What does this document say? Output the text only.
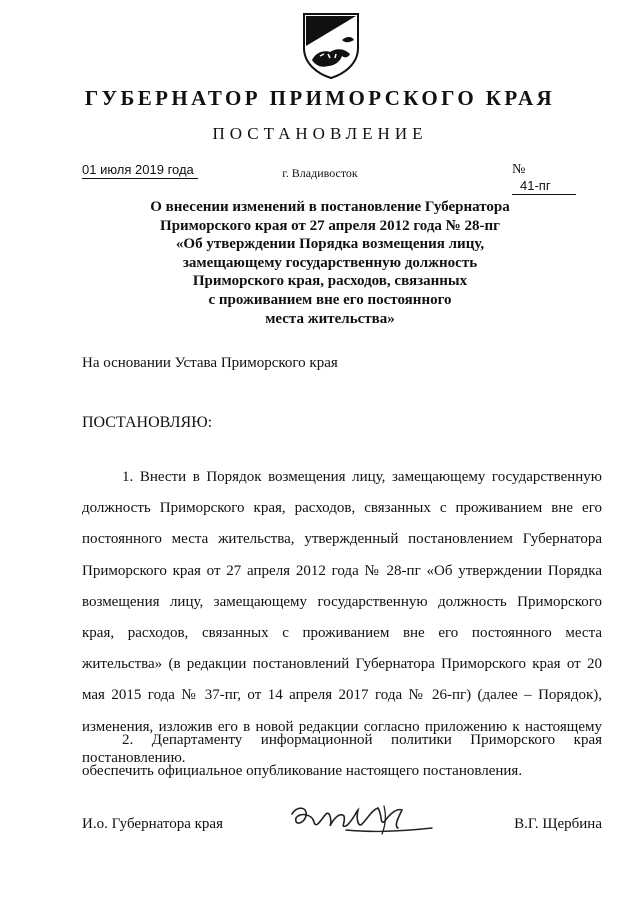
ГУБЕРНАТОР ПРИМОРСКОГО КРАЯ
ПОСТАНОВЛЕНИЕ
01 июля 2019 года	г. Владивосток	№ 41-пг
О внесении изменений в постановление Губернатора
Приморского края от 27 апреля 2012 года № 28-пг
«Об утверждении Порядка возмещения лицу,
замещающему государственную должность
Приморского края, расходов, связанных
с проживанием вне его постоянного
места жительства»
На основании Устава Приморского края
ПОСТАНОВЛЯЮ:

1. Внести в Порядок возмещения лицу, замещающему государственную должность Приморского края, расходов, связанных с проживанием вне его постоянного места жительства, утвержденный постановлением Губернатора Приморского края от 27 апреля 2012 года № 28-пг «Об утверждении Порядка возмещения лицу, замещающему государственную должность Приморского края, расходов, связанных с проживанием вне его постоянного места жительства» (в редакции постановлений Губернатора Приморского края от 20 мая 2015 года № 37-пг, от 14 апреля 2017 года № 26-пг) (далее – Порядок), изменения, изложив его в новой редакции согласно приложению к настоящему постановлению.

2. Департаменту информационной политики Приморского края обеспечить официальное опубликование настоящего постановления.

И.о. Губернатора края	В.Г. Щербина
